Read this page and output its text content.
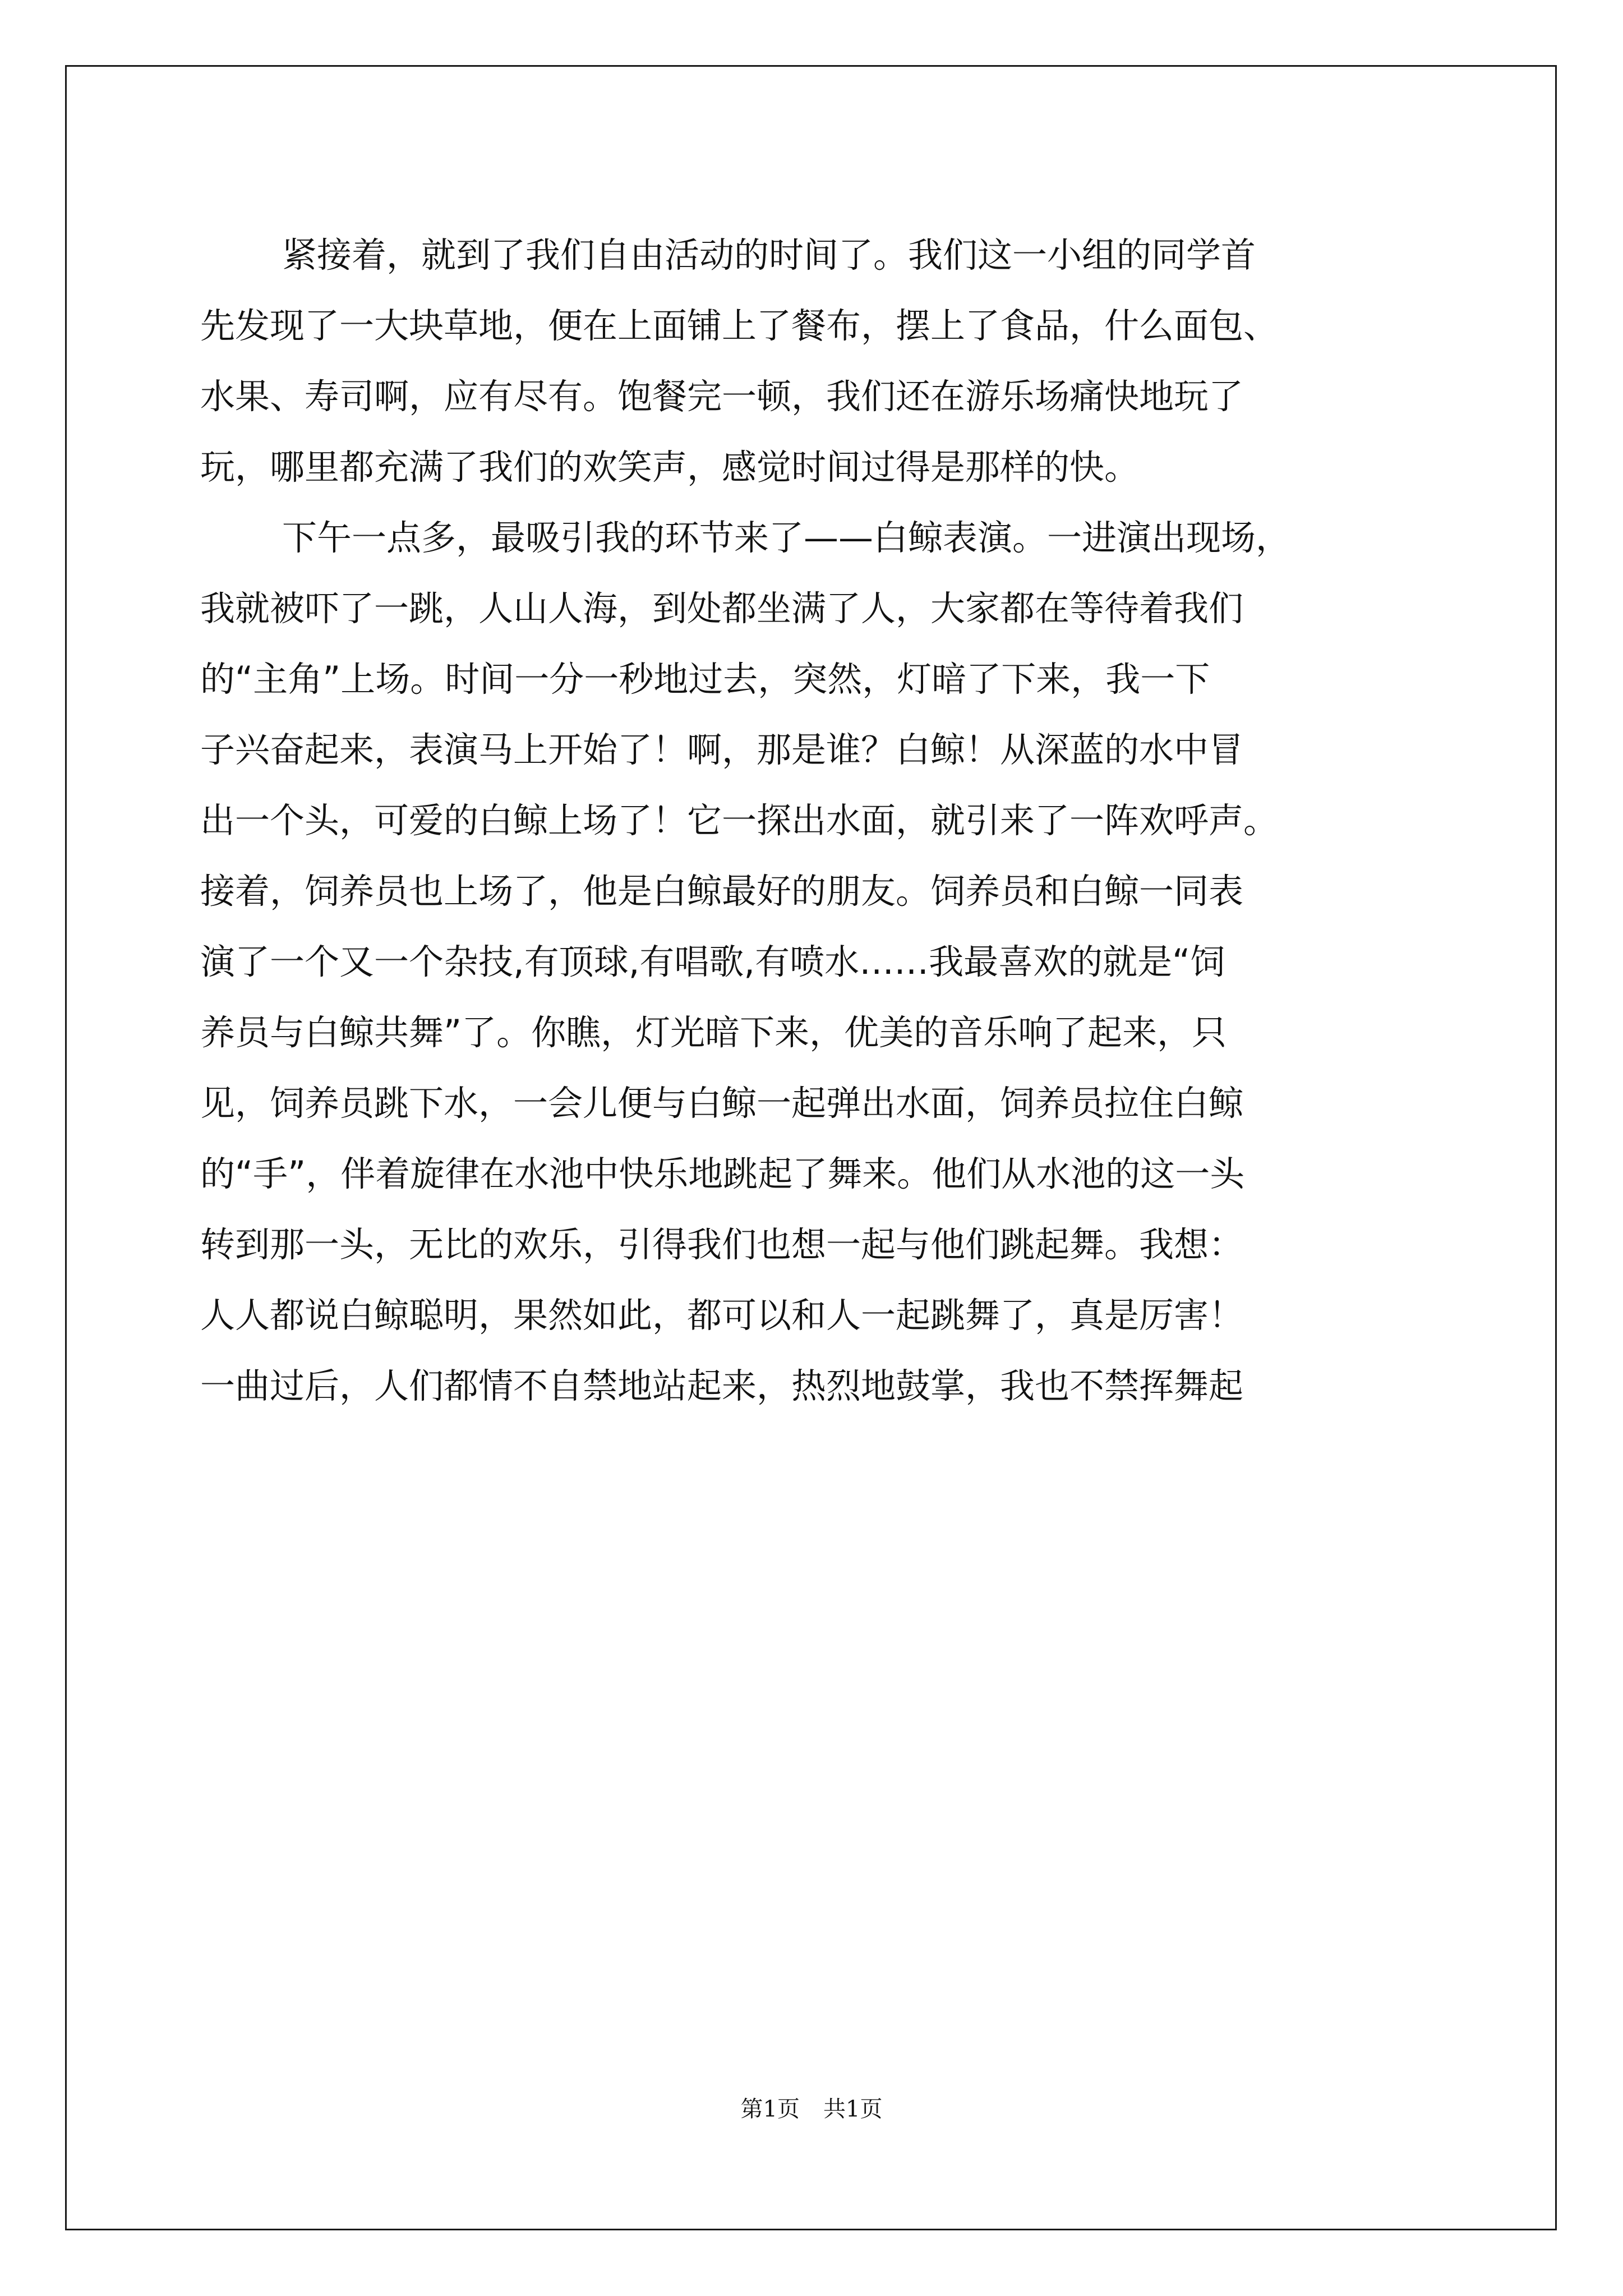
紧接着，就到了我们自由活动的时间了。我们这一小组的同学首
先发现了一大块草地，便在上面铺上了餐布，摆上了食品，什么面包、
水果、寿司啊，应有尽有。饱餐完一顿，我们还在游乐场痛快地玩了
玩，哪里都充满了我们的欢笑声，感觉时间过得是那样的快。
下午一点多，最吸引我的环节来了——白鲸表演。一进演出现场，
我就被吓了一跳，人山人海，到处都坐满了人，大家都在等待着我们
的“主角”上场。时间一分一秒地过去，突然，灯暗了下来，我一下
子兴奋起来，表演马上开始了！啊，那是谁？白鲸！从深蓝的水中冒
出一个头，可爱的白鲸上场了！它一探出水面，就引来了一阵欢呼声。
接着，饲养员也上场了，他是白鲸最好的朋友。饲养员和白鲸一同表
演了一个又一个杂技,有顶球,有唱歌,有喷水……我最喜欢的就是“饲
养员与白鲸共舞”了。你瞧，灯光暗下来，优美的音乐响了起来，只
见，饲养员跳下水，一会儿便与白鲸一起弹出水面，饲养员拉住白鲸
的“手”，伴着旋律在水池中快乐地跳起了舞来。他们从水池的这一头
转到那一头，无比的欢乐，引得我们也想一起与他们跳起舞。我想：
人人都说白鲸聪明，果然如此，都可以和人一起跳舞了，真是厉害！
一曲过后，人们都情不自禁地站起来，热烈地鼓掌，我也不禁挥舞起
第1页 共1页
